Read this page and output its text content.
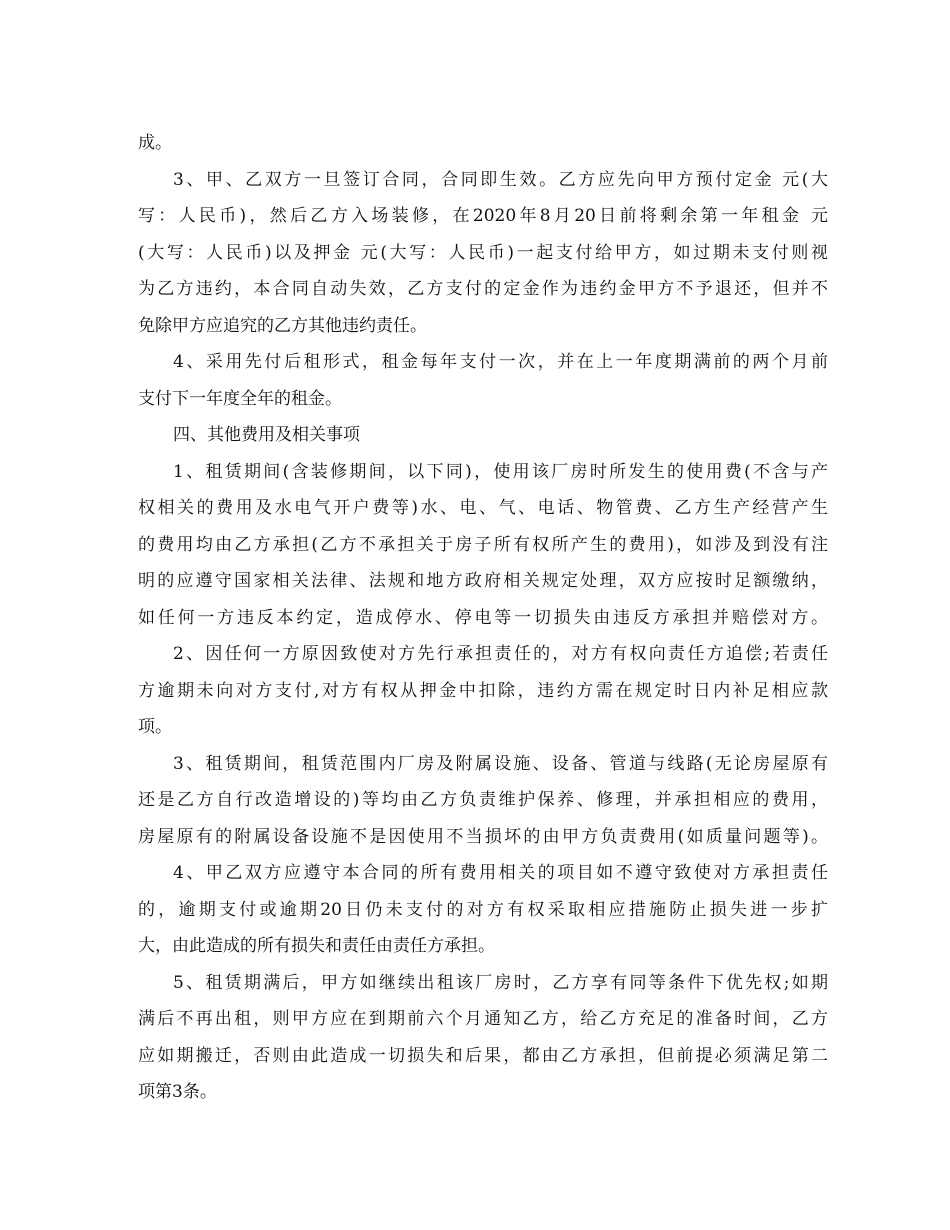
成。
3、甲、乙双方一旦签订合同，合同即生效。乙方应先向甲方预付定金 元(大
写：人民币)，然后乙方入场装修，在2020年8月20日前将剩余第一年租金 元
(大写：人民币)以及押金 元(大写：人民币)一起支付给甲方，如过期未支付则视
为乙方违约，本合同自动失效，乙方支付的定金作为违约金甲方不予退还，但并不
免除甲方应追究的乙方其他违约责任。
4、采用先付后租形式，租金每年支付一次，并在上一年度期满前的两个月前
支付下一年度全年的租金。
四、其他费用及相关事项
1、租赁期间(含装修期间，以下同)，使用该厂房时所发生的使用费(不含与产
权相关的费用及水电气开户费等)水、电、气、电话、物管费、乙方生产经营产生
的费用均由乙方承担(乙方不承担关于房子所有权所产生的费用)，如涉及到没有注
明的应遵守国家相关法律、法规和地方政府相关规定处理，双方应按时足额缴纳，
如任何一方违反本约定，造成停水、停电等一切损失由违反方承担并赔偿对方。
2、因任何一方原因致使对方先行承担责任的，对方有权向责任方追偿;若责任
方逾期未向对方支付,对方有权从押金中扣除，违约方需在规定时日内补足相应款
项。
3、租赁期间，租赁范围内厂房及附属设施、设备、管道与线路(无论房屋原有
还是乙方自行改造增设的)等均由乙方负责维护保养、修理，并承担相应的费用，
房屋原有的附属设备设施不是因使用不当损坏的由甲方负责费用(如质量问题等)。
4、甲乙双方应遵守本合同的所有费用相关的项目如不遵守致使对方承担责任
的，逾期支付或逾期20日仍未支付的对方有权采取相应措施防止损失进一步扩
大，由此造成的所有损失和责任由责任方承担。
5、租赁期满后，甲方如继续出租该厂房时，乙方享有同等条件下优先权;如期
满后不再出租，则甲方应在到期前六个月通知乙方，给乙方充足的准备时间，乙方
应如期搬迁，否则由此造成一切损失和后果，都由乙方承担，但前提必须满足第二
项第3条。
